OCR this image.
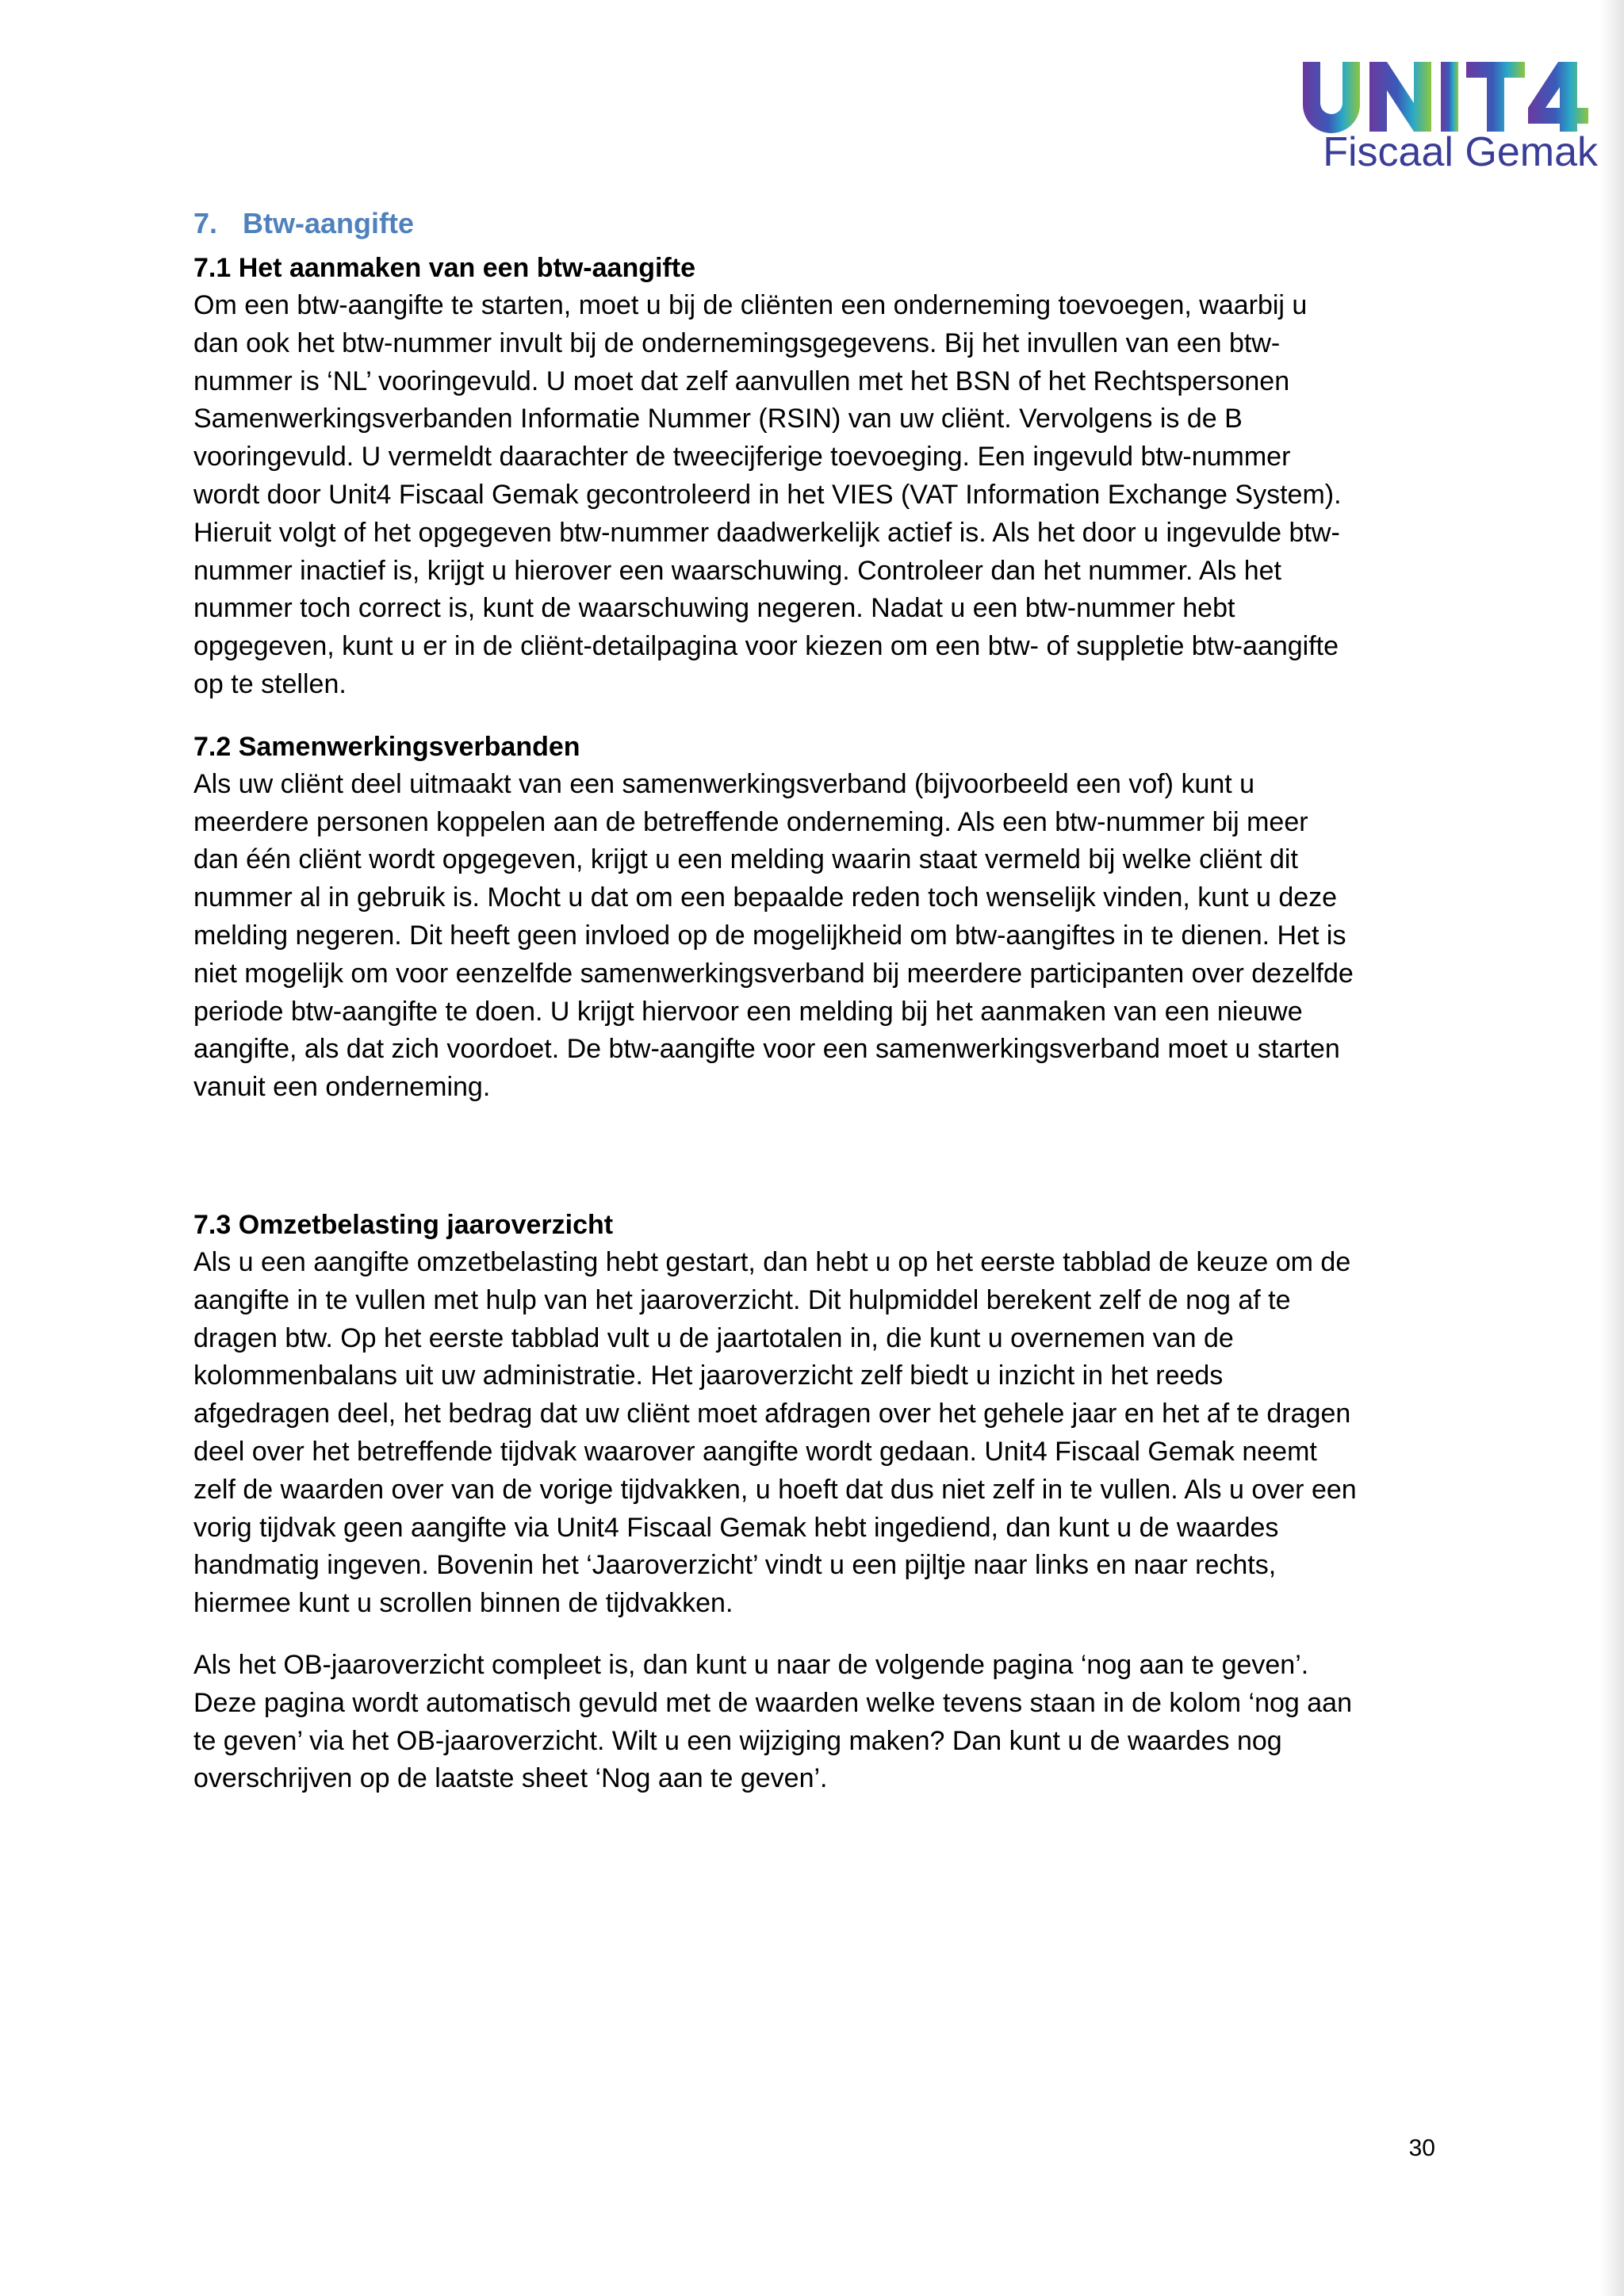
Fiscaal Gemak
7. Btw-aangifte
7.1 Het aanmaken van een btw-aangifte

Om een btw-aangifte te starten, moet u bij de cliënten een onderneming toevoegen, waarbij u

dan ook het btw-nummer invult bij de ondernemingsgegevens. Bij het invullen van een btw-

nummer is ‘NL’ vooringevuld. U moet dat zelf aanvullen met het BSN of het Rechtspersonen

Samenwerkingsverbanden Informatie Nummer (RSIN) van uw cliënt. Vervolgens is de B

vooringevuld. U vermeldt daarachter de tweecijferige toevoeging. Een ingevuld btw-nummer

wordt door Unit4 Fiscaal Gemak gecontroleerd in het VIES (VAT Information Exchange System).

Hieruit volgt of het opgegeven btw-nummer daadwerkelijk actief is. Als het door u ingevulde btw-

nummer inactief is, krijgt u hierover een waarschuwing. Controleer dan het nummer. Als het

nummer toch correct is, kunt de waarschuwing negeren. Nadat u een btw-nummer hebt

opgegeven, kunt u er in de cliënt-detailpagina voor kiezen om een btw- of suppletie btw-aangifte

op te stellen.

7.2 Samenwerkingsverbanden

Als uw cliënt deel uitmaakt van een samenwerkingsverband (bijvoorbeeld een vof) kunt u

meerdere personen koppelen aan de betreffende onderneming. Als een btw-nummer bij meer

dan één cliënt wordt opgegeven, krijgt u een melding waarin staat vermeld bij welke cliënt dit

nummer al in gebruik is. Mocht u dat om een bepaalde reden toch wenselijk vinden, kunt u deze

melding negeren. Dit heeft geen invloed op de mogelijkheid om btw-aangiftes in te dienen. Het is

niet mogelijk om voor eenzelfde samenwerkingsverband bij meerdere participanten over dezelfde

periode btw-aangifte te doen. U krijgt hiervoor een melding bij het aanmaken van een nieuwe

aangifte, als dat zich voordoet. De btw-aangifte voor een samenwerkingsverband moet u starten

vanuit een onderneming.

7.3 Omzetbelasting jaaroverzicht

Als u een aangifte omzetbelasting hebt gestart, dan hebt u op het eerste tabblad de keuze om de

aangifte in te vullen met hulp van het jaaroverzicht. Dit hulpmiddel berekent zelf de nog af te

dragen btw. Op het eerste tabblad vult u de jaartotalen in, die kunt u overnemen van de

kolommenbalans uit uw administratie. Het jaaroverzicht zelf biedt u inzicht in het reeds

afgedragen deel, het bedrag dat uw cliënt moet afdragen over het gehele jaar en het af te dragen

deel over het betreffende tijdvak waarover aangifte wordt gedaan. Unit4 Fiscaal Gemak neemt

zelf de waarden over van de vorige tijdvakken, u hoeft dat dus niet zelf in te vullen. Als u over een

vorig tijdvak geen aangifte via Unit4 Fiscaal Gemak hebt ingediend, dan kunt u de waardes

handmatig ingeven. Bovenin het ‘Jaaroverzicht’ vindt u een pijltje naar links en naar rechts,

hiermee kunt u scrollen binnen de tijdvakken.

Als het OB-jaaroverzicht compleet is, dan kunt u naar de volgende pagina ‘nog aan te geven’.

Deze pagina wordt automatisch gevuld met de waarden welke tevens staan in de kolom ‘nog aan

te geven’ via het OB-jaaroverzicht. Wilt u een wijziging maken? Dan kunt u de waardes nog

overschrijven op de laatste sheet ‘Nog aan te geven’.

30
